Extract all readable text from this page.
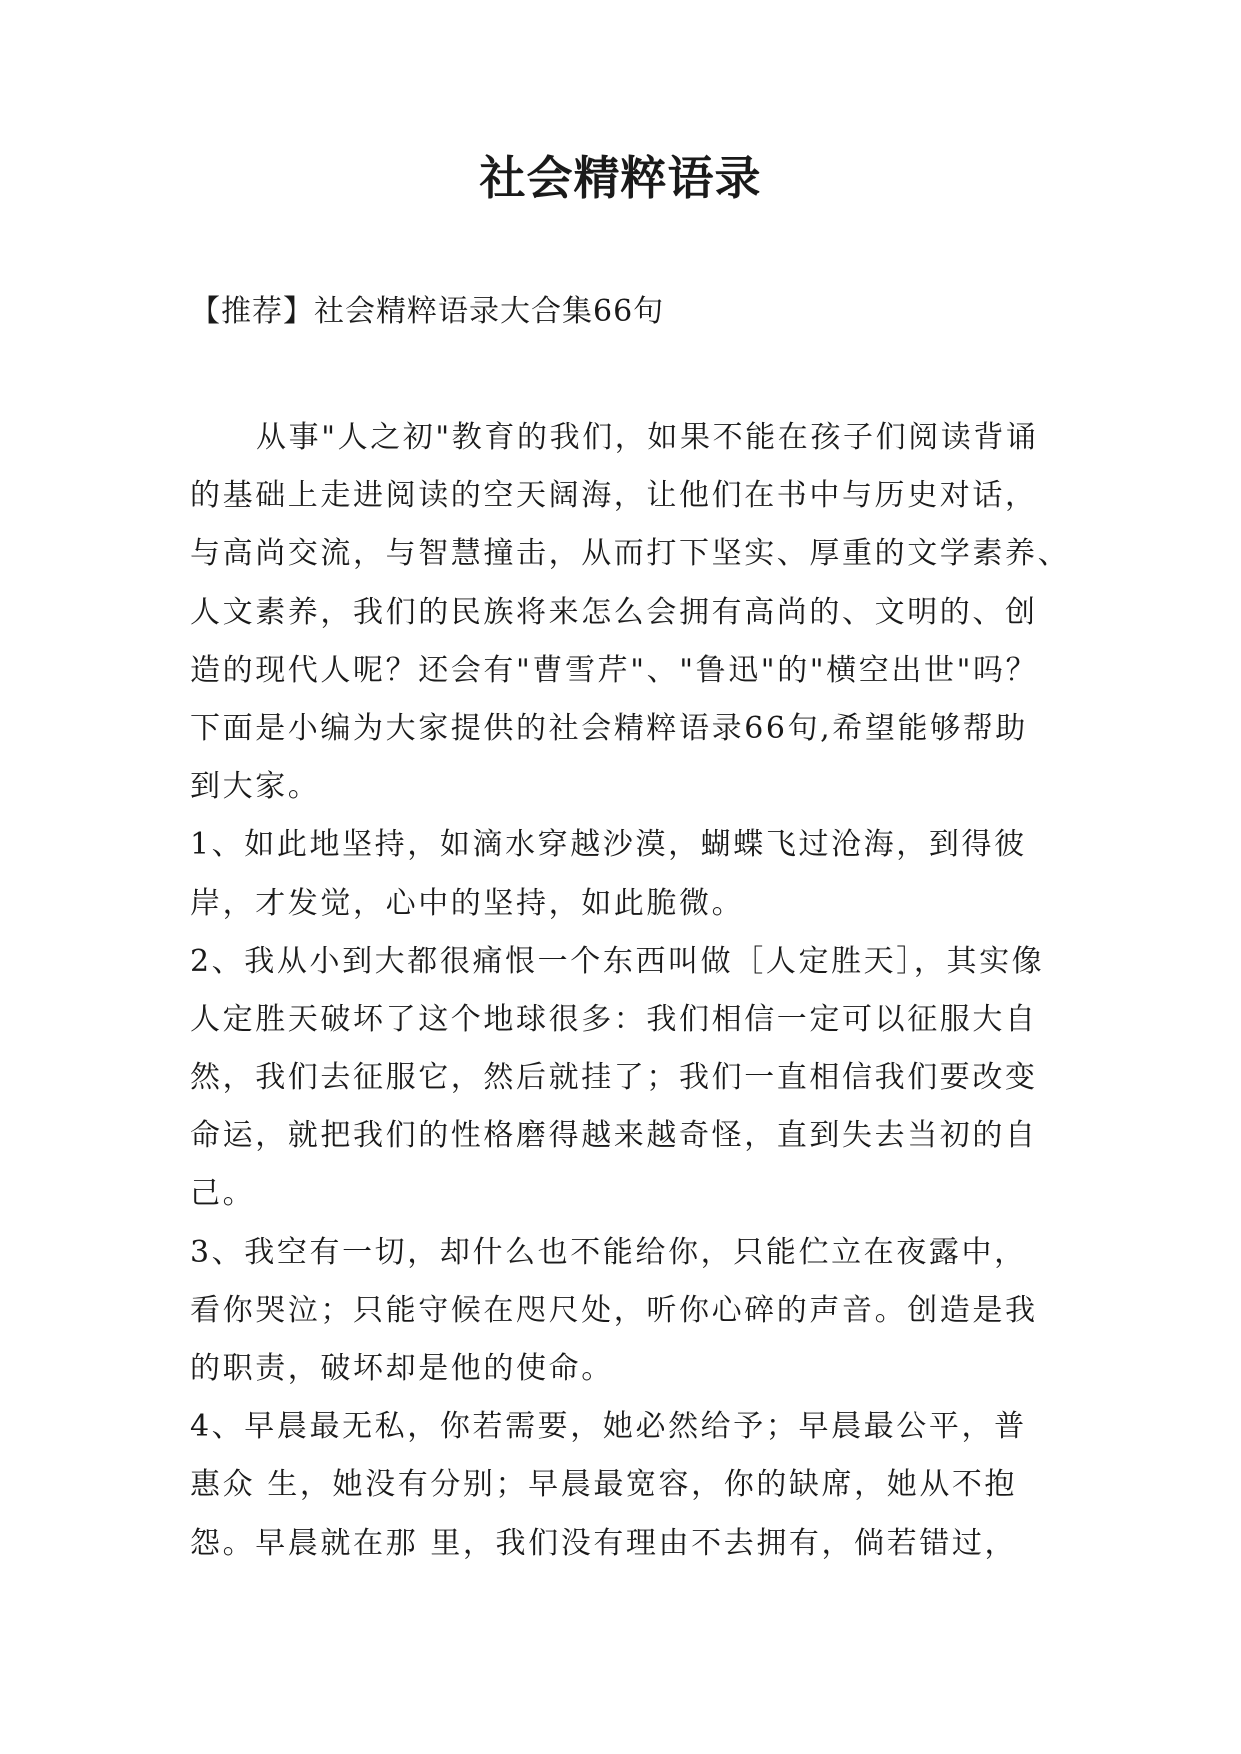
社会精粹语录
【推荐】社会精粹语录大合集66句
从事"人之初"教育的我们，如果不能在孩子们阅读背诵
的基础上走进阅读的空天阔海，让他们在书中与历史对话，
与高尚交流，与智慧撞击，从而打下坚实、厚重的文学素养、
人文素养，我们的民族将来怎么会拥有高尚的、文明的、创
造的现代人呢？还会有"曹雪芹"、"鲁迅"的"横空出世"吗？
下面是小编为大家提供的社会精粹语录66句,希望能够帮助
到大家。
1、如此地坚持，如滴水穿越沙漠，蝴蝶飞过沧海，到得彼
岸，才发觉，心中的坚持，如此脆微。
2、我从小到大都很痛恨一个东西叫做［人定胜天］，其实像
人定胜天破坏了这个地球很多：我们相信一定可以征服大自
然，我们去征服它，然后就挂了；我们一直相信我们要改变
命运，就把我们的性格磨得越来越奇怪，直到失去当初的自
己。
3、我空有一切，却什么也不能给你，只能伫立在夜露中，
看你哭泣；只能守候在咫尺处，听你心碎的声音。创造是我
的职责，破坏却是他的使命。
4、早晨最无私，你若需要，她必然给予；早晨最公平，普
惠众 生，她没有分别；早晨最宽容，你的缺席，她从不抱
怨。早晨就在那 里，我们没有理由不去拥有，倘若错过，
